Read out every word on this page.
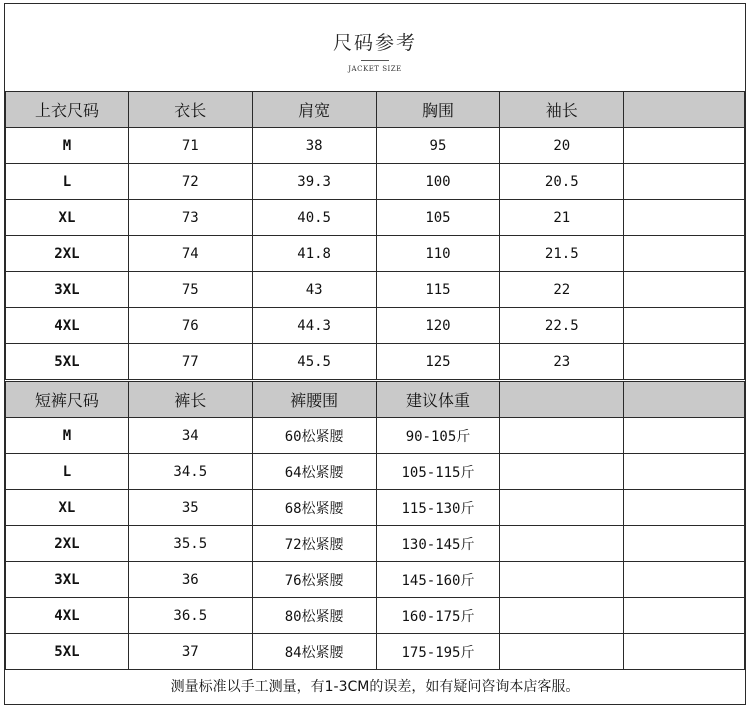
尺码参考
JACKET SIZE
上衣尺码	衣长	肩宽	胸围	袖长	
M	71	38	95	20	
L	72	39.3	100	20.5	
XL	73	40.5	105	21	
2XL	74	41.8	110	21.5	
3XL	75	43	115	22	
4XL	76	44.3	120	22.5	
5XL	77	45.5	125	23	
短裤尺码	裤长	裤腰围	建议体重		
M	34	60松紧腰	90-105斤		
L	34.5	64松紧腰	105-115斤		
XL	35	68松紧腰	115-130斤		
2XL	35.5	72松紧腰	130-145斤		
3XL	36	76松紧腰	145-160斤		
4XL	36.5	80松紧腰	160-175斤		
5XL	37	84松紧腰	175-195斤		
测量标准以手工测量，有1-3CM的误差，如有疑问咨询本店客服。
